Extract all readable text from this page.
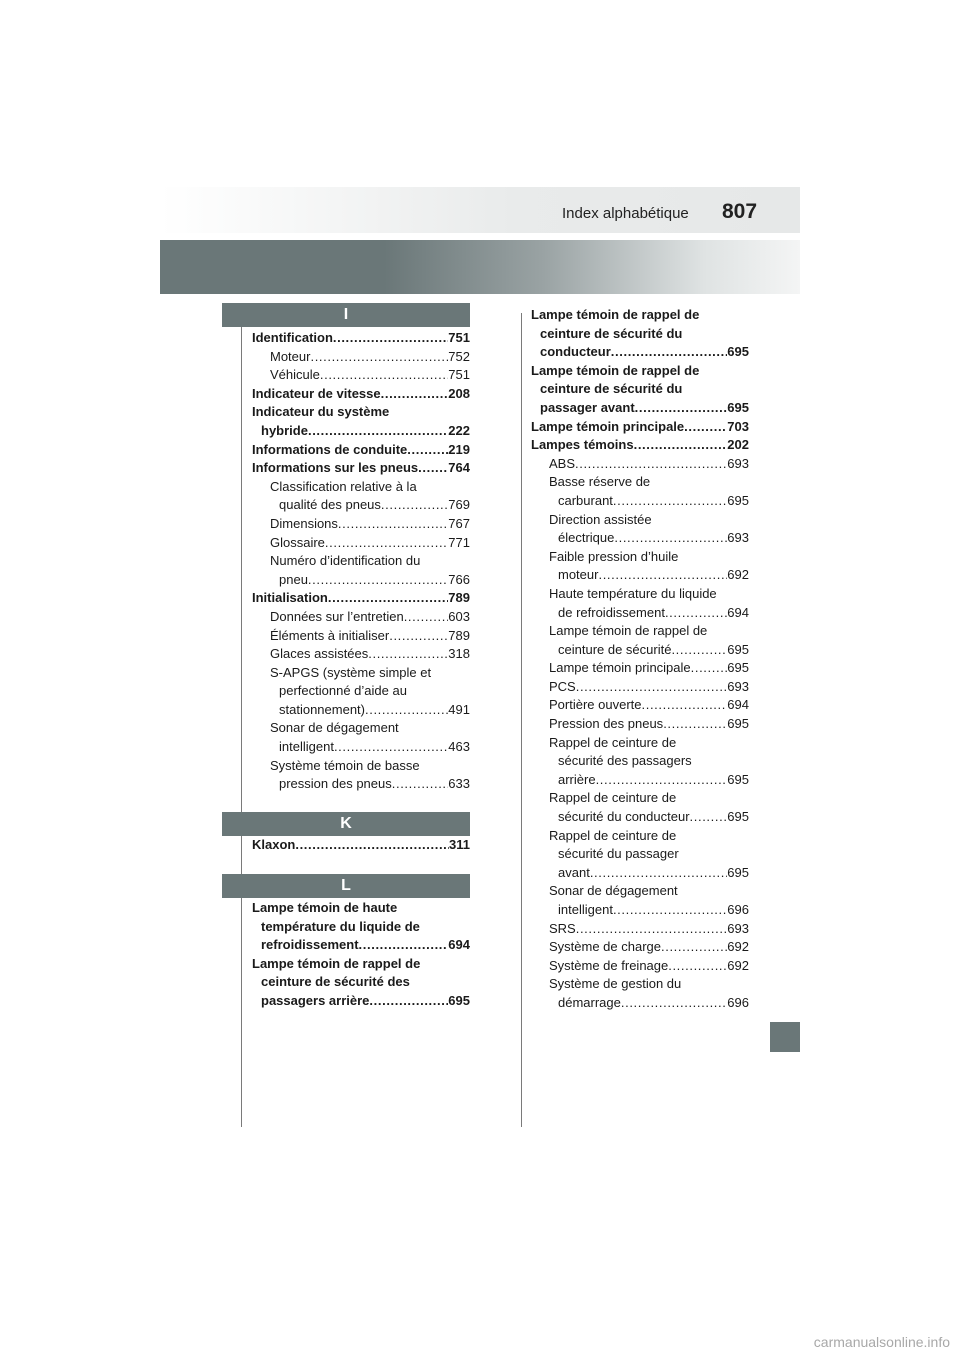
Index alphabétique 807
I
Identification . . .	751
Moteur . . .	752
Véhicule . . .	751
Indicateur de vitesse . . .	208
Indicateur du système
hybride . . .	222
Informations de conduite . . .	219
Informations sur les pneus . . . 764
Classification relative à la
qualité des pneus . . .	769
Dimensions . . .	767
Glossaire . . .	771
Numéro d’identification du
pneu . . .	766
Initialisation . . .	789
Données sur l’entretien . . .	603
Éléments à initialiser . . .	789
Glaces assistées . . .	318
S-APGS (système simple et
perfectionné d’aide au
stationnement) . . .	491
Sonar de dégagement
intelligent . . .	463
Système témoin de basse
pression des pneus . . .	633
K
Klaxon . . .	311
L
Lampe témoin de haute
température du liquide de
refroidissement . . .	694
Lampe témoin de rappel de
ceinture de sécurité des
passagers arrière . . .	695
Lampe témoin de rappel de
ceinture de sécurité du
conducteur . . .	695
Lampe témoin de rappel de
ceinture de sécurité du
passager avant . . .	695
Lampe témoin principale . . .	703
Lampes témoins . . .	202
ABS . . .	693
Basse réserve de
carburant . . .	695
Direction assistée
électrique . . .	693
Faible pression d’huile
moteur . . .	692
Haute température du liquide
de refroidissement . . .	694
Lampe témoin de rappel de
ceinture de sécurité . . .	695
Lampe témoin principale . . .	695
PCS . . .	693
Portière ouverte . . .	694
Pression des pneus . . .	695
Rappel de ceinture de
sécurité des passagers
arrière . . .	695
Rappel de ceinture de
sécurité du conducteur . . .	695
Rappel de ceinture de
sécurité du passager
avant . . .	695
Sonar de dégagement
intelligent . . .	696
SRS . . .	693
Système de charge . . .	692
Système de freinage . . .	692
Système de gestion du
démarrage . . .	696
carmanualsonline.info
